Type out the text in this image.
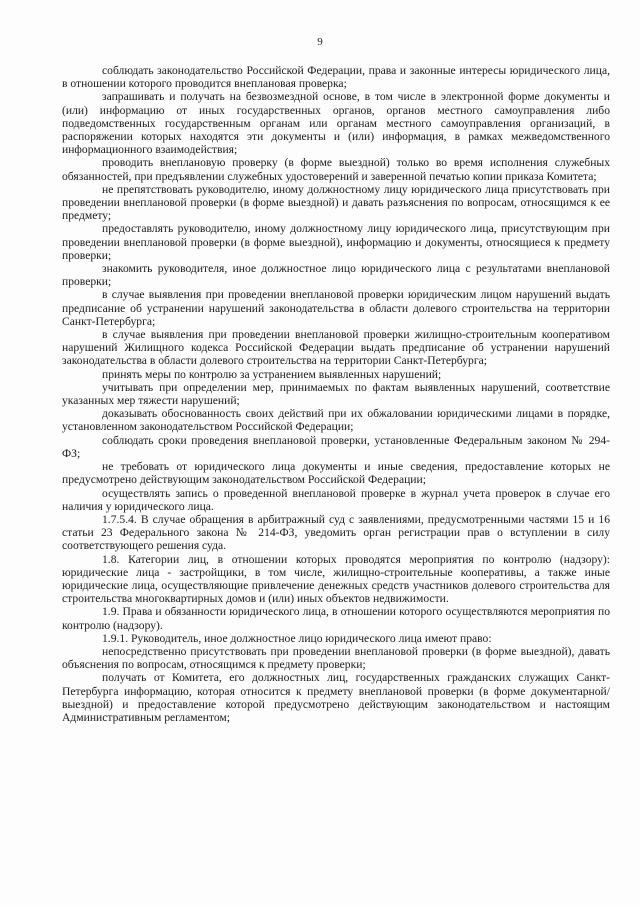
9

соблюдать законодательство Российской Федерации, права и законные интересы юридического лица, в отношении которого проводится внеплановая проверка;

запрашивать и получать на безвозмездной основе, в том числе в электронной форме документы и (или) информацию от иных государственных органов, органов местного самоуправления либо подведомственных государственным органам или органам местного самоуправления организаций, в распоряжении которых находятся эти документы и (или) информация, в рамках межведомственного информационного взаимодействия;

проводить внеплановую проверку (в форме выездной) только во время исполнения служебных обязанностей, при предъявлении служебных удостоверений и заверенной печатью копии приказа Комитета;

не препятствовать руководителю, иному должностному лицу юридического лица присутствовать при проведении внеплановой проверки (в форме выездной) и давать разъяснения по вопросам, относящимся к ее предмету;

предоставлять руководителю, иному должностному лицу юридического лица, присутствующим при проведении внеплановой проверки (в форме выездной), информацию и документы, относящиеся к предмету проверки;

знакомить руководителя, иное должностное лицо юридического лица с результатами внеплановой проверки;

в случае выявления при проведении внеплановой проверки юридическим лицом нарушений выдать предписание об устранении нарушений законодательства в области долевого строительства на территории Санкт-Петербурга;

в случае выявления при проведении внеплановой проверки жилищно-строительным кооперативом нарушений Жилищного кодекса Российской Федерации выдать предписание об устранении нарушений законодательства в области долевого строительства на территории Санкт-Петербурга;

принять меры по контролю за устранением выявленных нарушений;

учитывать при определении мер, принимаемых по фактам выявленных нарушений, соответствие указанных мер тяжести нарушений;

доказывать обоснованность своих действий при их обжаловании юридическими лицами в порядке, установленном законодательством Российской Федерации;

соблюдать сроки проведения внеплановой проверки, установленные Федеральным законом № 294-ФЗ;

не требовать от юридического лица документы и иные сведения, предоставление которых не предусмотрено действующим законодательством Российской Федерации;

осуществлять запись о проведенной внеплановой проверке в журнал учета проверок в случае его наличия у юридического лица.

1.7.5.4. В случае обращения в арбитражный суд с заявлениями, предусмотренными частями 15 и 16 статьи 23 Федерального закона № 214-ФЗ, уведомить орган регистрации прав о вступлении в силу соответствующего решения суда.

1.8. Категории лиц, в отношении которых проводятся мероприятия по контролю (надзору): юридические лица - застройщики, в том числе, жилищно-строительные кооперативы, а также иные юридические лица, осуществляющие привлечение денежных средств участников долевого строительства для строительства многоквартирных домов и (или) иных объектов недвижимости.

1.9. Права и обязанности юридического лица, в отношении которого осуществляются мероприятия по контролю (надзору).

1.9.1. Руководитель, иное должностное лицо юридического лица имеют право:

непосредственно присутствовать при проведении внеплановой проверки (в форме выездной), давать объяснения по вопросам, относящимся к предмету проверки;

получать от Комитета, его должностных лиц, государственных гражданских служащих Санкт-Петербурга информацию, которая относится к предмету внеплановой проверки (в форме документарной/выездной) и предоставление которой предусмотрено действующим законодательством и настоящим Административным регламентом;
